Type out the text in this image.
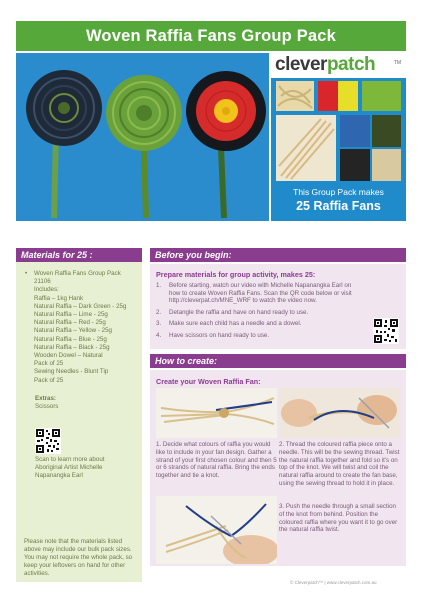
Woven Raffia Fans Group Pack
cleverpatch	TM
This Group Pack makes
25 Raffia Fans
Materials for 25 :	Before you begin:
How to create:
• Woven Raffia Fans Group Pack
21106
Includes:
Raffia – 1kg Hank
Natural Raffia – Dark Green - 25g
Natural Raffia – Lime - 25g
Natural Raffia – Red - 25g
Natural Raffia – Yellow - 25g
Natural Raffia – Blue - 25g
Natural Raffia – Black - 25g
Wooden Dowel – Natural
Pack of 25
Sewing Needles - Blunt Tip
Pack of 25
Extras:
Scissors
Scan to learn more about Aboriginal Artist Michelle Napanangka Earl
Please note that the materials listed above may include our bulk pack sizes. You may not require the whole pack, so keep your leftovers on hand for other activities.
Prepare materials for group activity, makes 25:
1. Before starting, watch our video with Michelle Napanangka Earl on how to create Woven Raffia Fans. Scan the QR code below or visit http://cleverpat.ch/MNE_WRF to watch the video now.
2. Detangle the raffia and have on hand ready to use.
3. Make sure each child has a needle and a dowel.
4. Have scissors on hand ready to use.
Create your Woven Raffia Fan:
1. Decide what colours of raffia you would like to include in your fan design. Gather a strand of your first chosen colour and then 5 or 6 strands of natural raffia. Bring the ends together and tie a knot.
2. Thread the coloured raffia piece onto a needle. This will be the sewing thread. Twist the natural raffia together and fold so it's on top of the knot. We will twist and coil the natural raffia around to create the fan base, using the sewing thread to hold it in place.
3. Push the needle through a small section of the knot from behind. Position the coloured raffia where you want it to go over the natural raffia twist.
© Cleverpatch™ | www.cleverpatch.com.au
